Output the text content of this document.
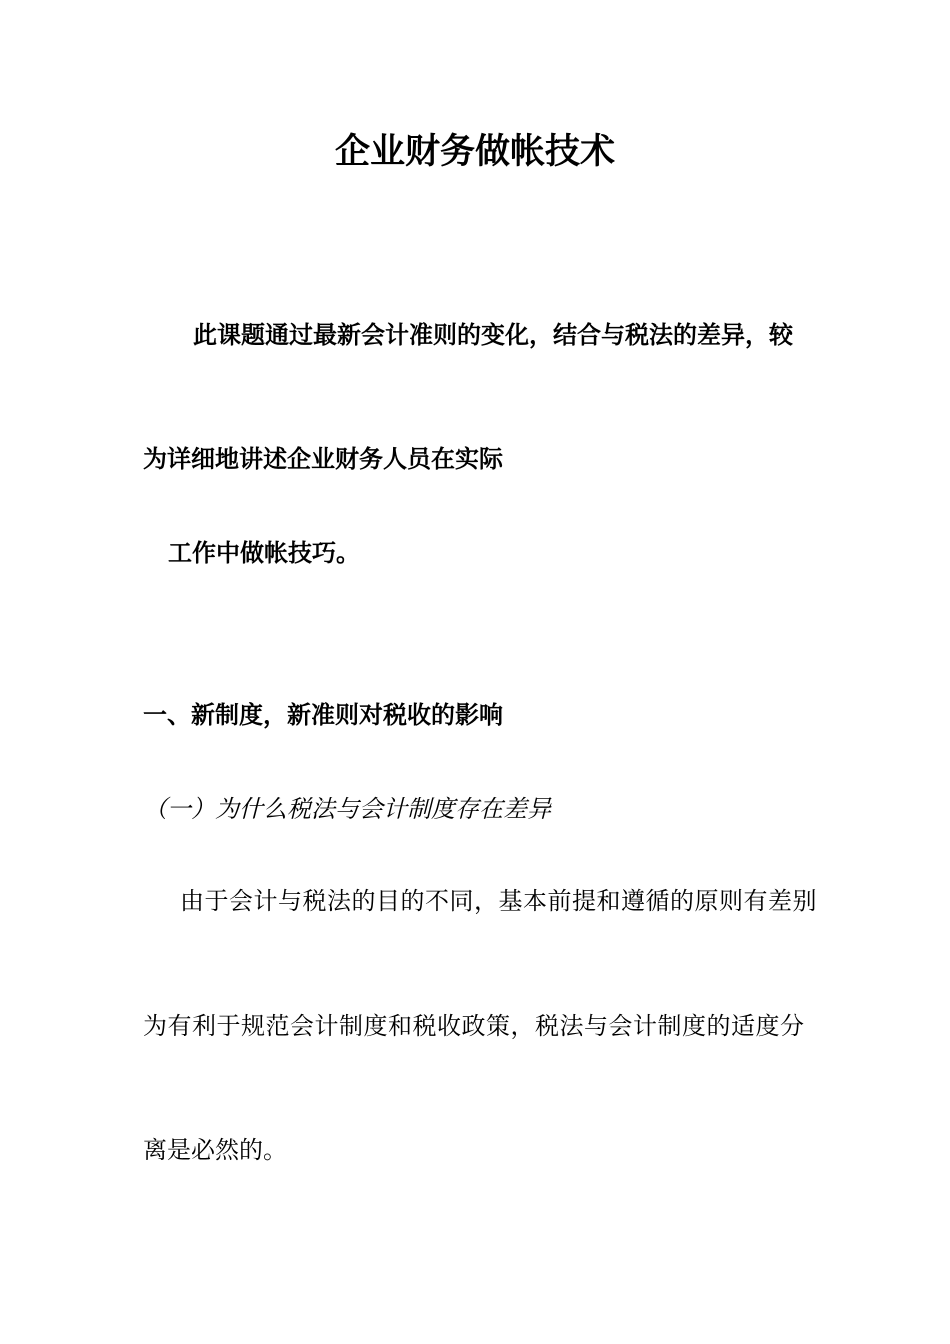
企业财务做帐技术
此课题通过最新会计准则的变化，结合与税法的差异，较
为详细地讲述企业财务人员在实际
工作中做帐技巧。
一、新制度，新准则对税收的影响
（一）为什么税法与会计制度存在差异
由于会计与税法的目的不同，基本前提和遵循的原则有差别
为有利于规范会计制度和税收政策，税法与会计制度的适度分
离是必然的。
